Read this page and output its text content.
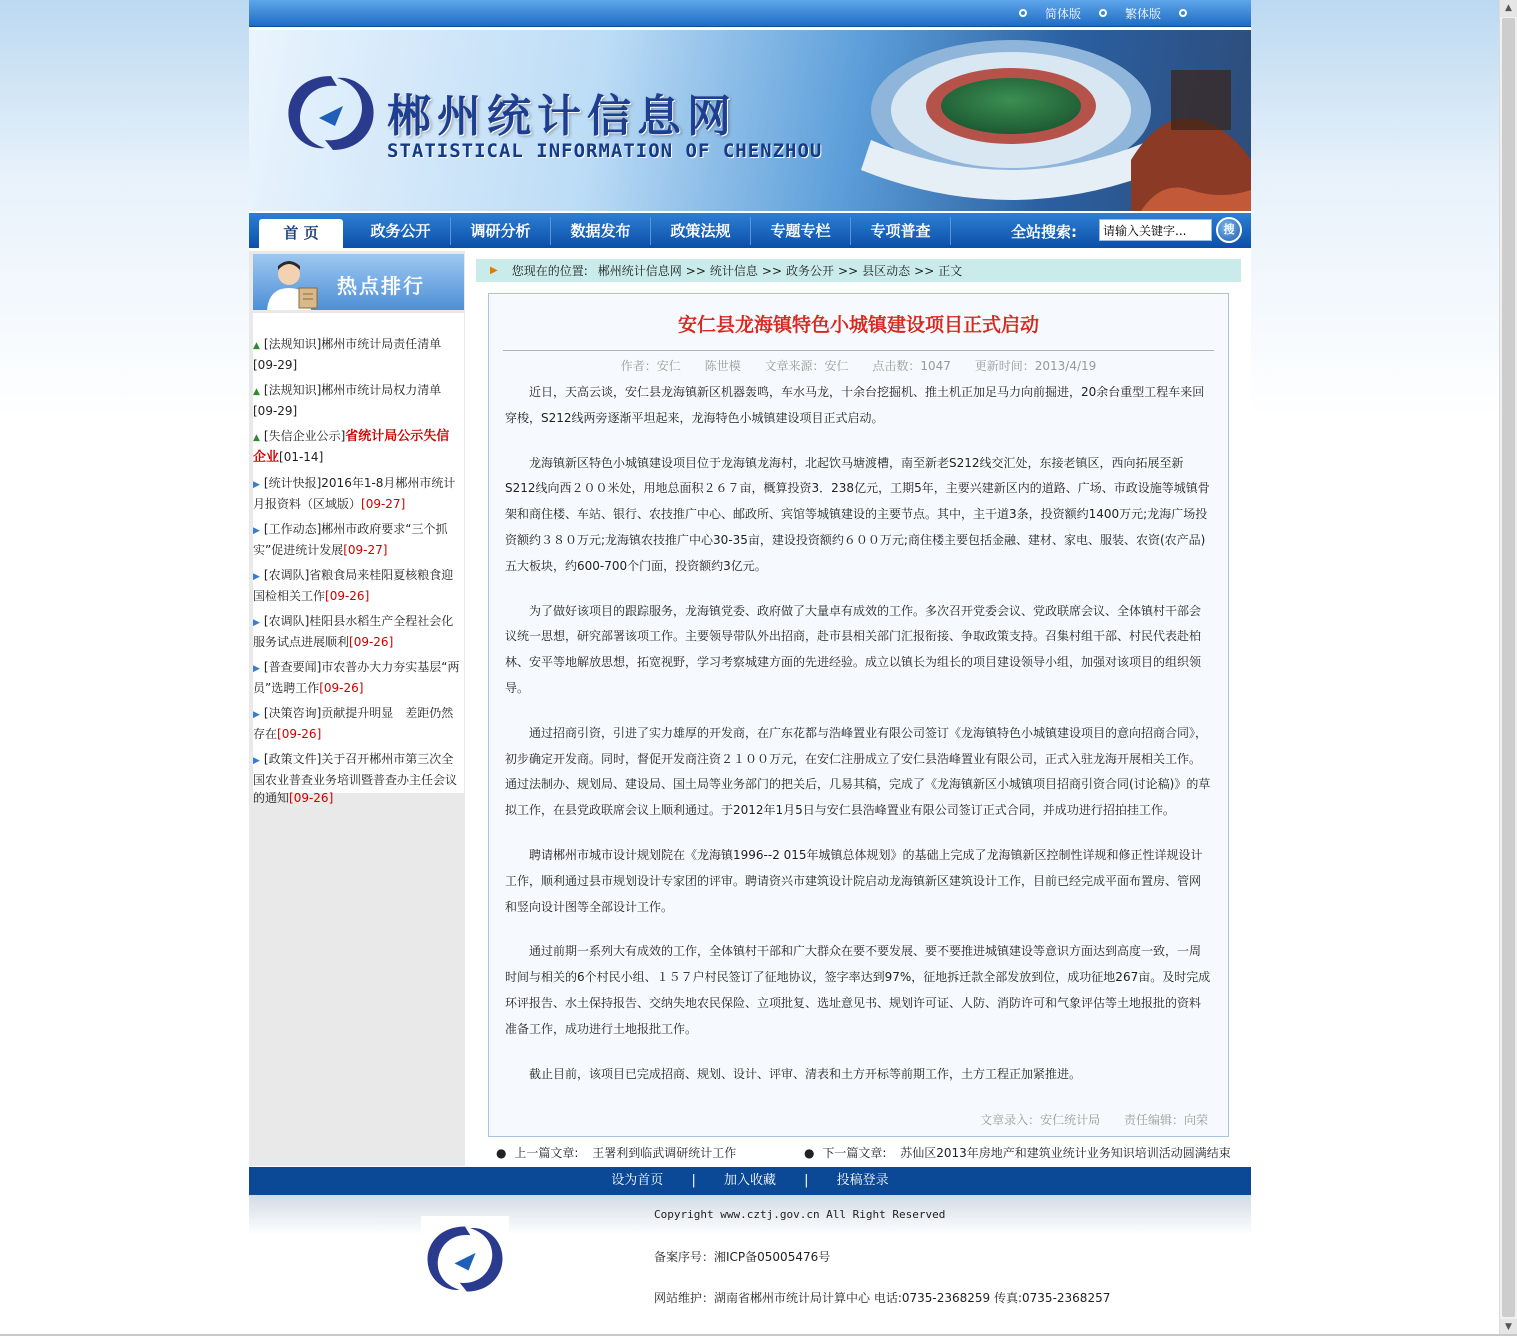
简体版	繁体版
郴州统计信息网
STATISTICAL INFORMATION OF CHENZHOU
首 页	政务公开	调研分析	数据发布	政策法规	专题专栏	专项普查	全站搜索:
请输入关键字...	搜
热点排行
▲ [法规知识]郴州市统计局责任清单
[09-29]
▲ [法规知识]郴州市统计局权力清单
[09-29]
▲ [失信企业公示]省统计局公示失信企业[01-14]
▶ [统计快报]2016年1-8月郴州市统计月报资料（区域版）[09-27]
▶ [工作动态]郴州市政府要求“三个抓实”促进统计发展[09-27]
▶ [农调队]省粮食局来桂阳夏核粮食迎国检相关工作[09-26]
▶ [农调队]桂阳县水稻生产全程社会化服务试点进展顺利[09-26]
▶ [普查要闻]市农普办大力夯实基层“两员”选聘工作[09-26]
▶ [决策咨询]贡献提升明显　差距仍然存在[09-26]
▶ [政策文件]关于召开郴州市第三次全国农业普查业务培训暨普查办主任会议的通知[09-26]
▶ 您现在的位置: 郴州统计信息网 >> 统计信息 >> 政务公开 >> 县区动态 >> 正文
安仁县龙海镇特色小城镇建设项目正式启动
作者：安仁　　陈世模 文章来源：安仁 点击数：1047 更新时间：2013/4/19

近日，天高云谈，安仁县龙海镇新区机器轰鸣，车水马龙，十余台挖掘机、推土机正加足马力向前掘进，20余台重型工程车来回穿梭，S212线两旁逐渐平坦起来，龙海特色小城镇建设项目正式启动。

龙海镇新区特色小城镇建设项目位于龙海镇龙海村，北起饮马塘渡槽，南至新老S212线交汇处，东接老镇区，西向拓展至新S212线向西２００米处，用地总面积２６７亩，概算投资3．238亿元，工期5年，主要兴建新区内的道路、广场、市政设施等城镇骨架和商住楼、车站、银行、农技推广中心、邮政所、宾馆等城镇建设的主要节点。其中，主干道3条，投资额约1400万元;龙海广场投资额约３８０万元;龙海镇农技推广中心30-35亩，建设投资额约６００万元;商住楼主要包括金融、建材、家电、服装、农资(农产品)五大板块，约600-700个门面，投资额约3亿元。

为了做好该项目的跟踪服务，龙海镇党委、政府做了大量卓有成效的工作。多次召开党委会议、党政联席会议、全体镇村干部会议统一思想，研究部署该项工作。主要领导带队外出招商，赴市县相关部门汇报衔接、争取政策支持。召集村组干部、村民代表赴柏林、安平等地解放思想，拓宽视野，学习考察城建方面的先进经验。成立以镇长为组长的项目建设领导小组，加强对该项目的组织领导。

通过招商引资，引进了实力雄厚的开发商，在广东花都与浩峰置业有限公司签订《龙海镇特色小城镇建设项目的意向招商合同》，初步确定开发商。同时，督促开发商注资２１００万元，在安仁注册成立了安仁县浩峰置业有限公司，正式入驻龙海开展相关工作。通过法制办、规划局、建设局、国土局等业务部门的把关后，几易其稿，完成了《龙海镇新区小城镇项目招商引资合同(讨论稿)》的草拟工作，在县党政联席会议上顺利通过。于2012年1月5日与安仁县浩峰置业有限公司签订正式合同，并成功进行招拍挂工作。

聘请郴州市城市设计规划院在《龙海镇1996--2 015年城镇总体规划》的基础上完成了龙海镇新区控制性详规和修正性详规设计工作，顺利通过县市规划设计专家团的评审。聘请资兴市建筑设计院启动龙海镇新区建筑设计工作，目前已经完成平面布置房、管网和竖向设计图等全部设计工作。

通过前期一系列大有成效的工作，全体镇村干部和广大群众在要不要发展、要不要推进城镇建设等意识方面达到高度一致，一周时间与相关的6个村民小组、１５７户村民签订了征地协议，签字率达到97%，征地拆迁款全部发放到位，成功征地267亩。及时完成环评报告、水土保持报告、交纳失地农民保险、立项批复、选址意见书、规划许可证、人防、消防许可和气象评估等土地报批的资料准备工作，成功进行土地报批工作。

截止目前，该项目已完成招商、规划、设计、评审、清表和土方开标等前期工作，土方工程正加紧推进。

文章录入：安仁统计局 责任编辑：向荣
● 上一篇文章: 王署利到临武调研统计工作	● 下一篇文章: 苏仙区2013年房地产和建筑业统计业务知识培训活动圆满结束
设为首页 | 加入收藏 | 投稿登录
Copyright www.cztj.gov.cn All Right Reserved
备案序号：湘ICP备05005476号
网站维护：湖南省郴州市统计局计算中心 电话:0735-2368259 传真:0735-2368257
▲
▼
